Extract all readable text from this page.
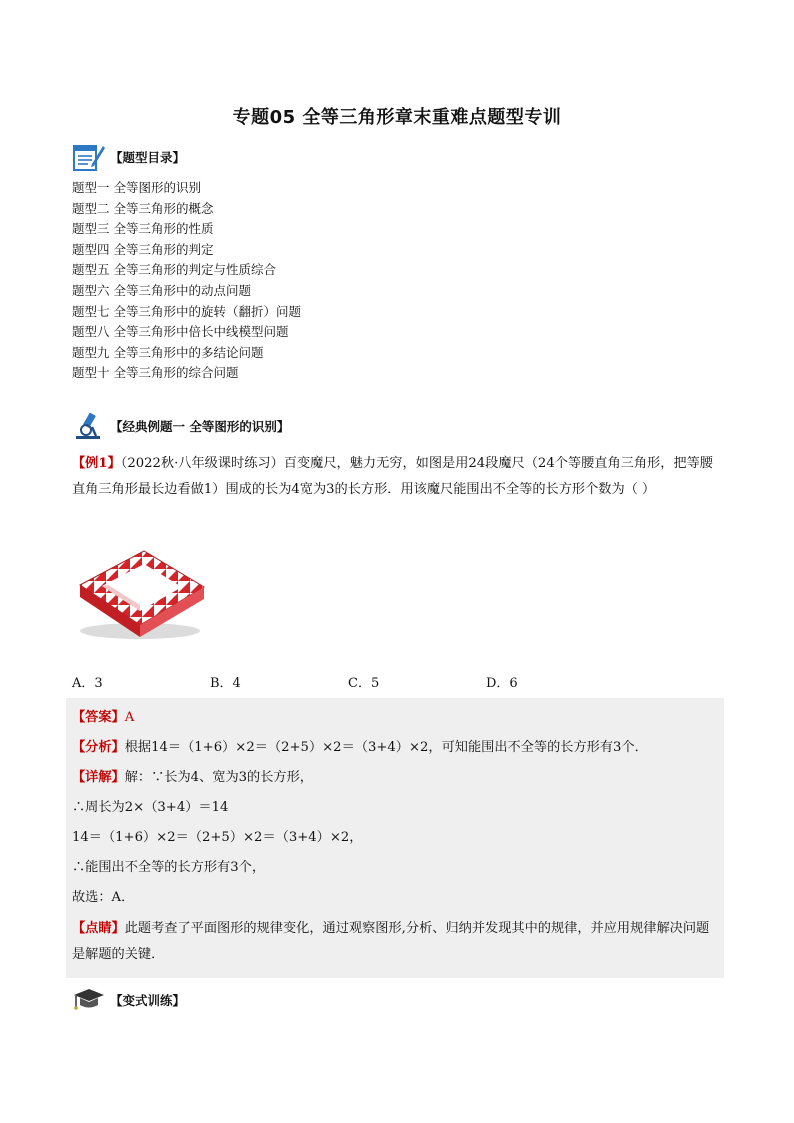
专题05 全等三角形章末重难点题型专训
【题型目录】
题型一 全等图形的识别
题型二 全等三角形的概念
题型三 全等三角形的性质
题型四 全等三角形的判定
题型五 全等三角形的判定与性质综合
题型六 全等三角形中的动点问题
题型七 全等三角形中的旋转（翻折）问题
题型八 全等三角形中倍长中线模型问题
题型九 全等三角形中的多结论问题
题型十 全等三角形的综合问题
【经典例题一 全等图形的识别】
【例1】（2022秋·八年级课时练习）百变魔尺，魅力无穷，如图是用24段魔尺（24个等腰直角三角形，把等腰直角三角形最长边看做1）围成的长为4宽为3的长方形．用该魔尺能围出不全等的长方形个数为（ ）
A．3	B．4	C．5	D．6
【答案】A
【分析】根据14＝（1+6）×2＝（2+5）×2＝（3+4）×2，可知能围出不全等的长方形有3个．
【详解】解：∵长为4、宽为3的长方形，
∴周长为2×（3+4）＝14
14＝（1+6）×2＝（2+5）×2＝（3+4）×2，
∴能围出不全等的长方形有3个，
故选：A．
【点睛】此题考查了平面图形的规律变化，通过观察图形,分析、归纳并发现其中的规律，并应用规律解决问题是解题的关键．
【变式训练】
